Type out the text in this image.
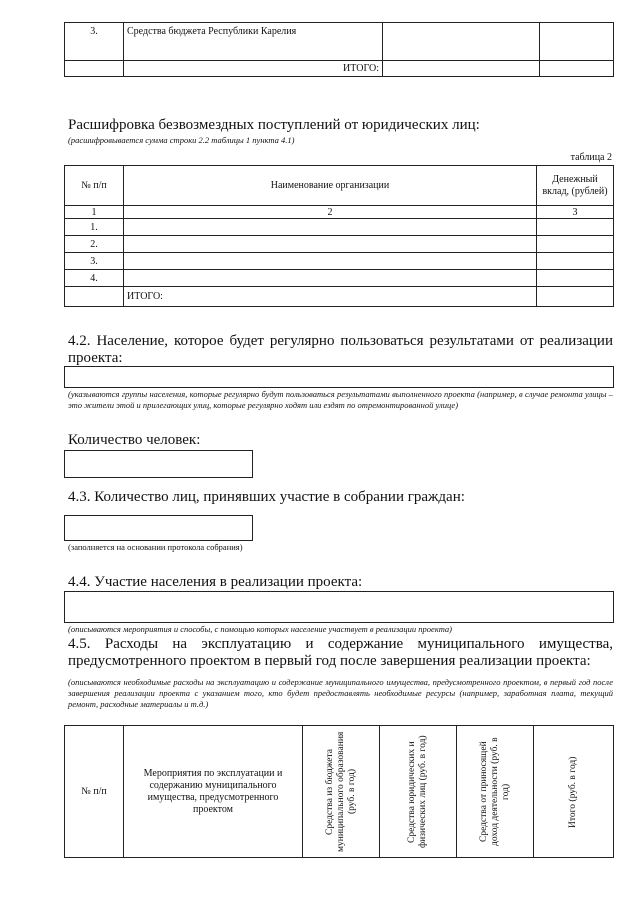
3.	Средства бюджета Республики Карелия		
	ИТОГО:		
Расшифровка безвозмездных поступлений от юридических лиц:
(расшифровывается сумма строки 2.2 таблицы 1 пункта 4.1)
таблица 2
№ п/п	Наименование организации	Денежный вклад, (рублей)
1	2	3
1.		
2.		
3.		
4.		
	ИТОГО:	
4.2. Население, которое будет регулярно пользоваться результатами от реализации проекта:
(указываются группы населения, которые регулярно будут пользоваться результатами выполненного проекта (например, в случае ремонта улицы – это жители этой и прилегающих улиц, которые регулярно ходят или ездят по отремонтированной улице)
Количество человек:
4.3. Количество лиц, принявших участие в собрании граждан:
(заполняется на основании протокола собрания)
4.4. Участие населения в реализации проекта:
(описываются мероприятия и способы, с помощью которых население участвует в реализации проекта)
4.5. Расходы на эксплуатацию и содержание муниципального имущества, предусмотренного проектом в первый год после завершения реализации проекта:
(описываются необходимые расходы на эксплуатацию и содержание муниципального имущества, предусмотренного проектом, в первый год после завершения реализации проекта с указанием того, кто будет предоставлять необходимые ресурсы (например, заработная плата, текущий ремонт, расходные материалы и т.д.)
№ п/п	Мероприятия по эксплуатации и содержанию муниципального имущества, предусмотренного проектом	Средства из бюджета муниципального образования (руб. в год)	Средства юридических и физических лиц (руб. в год)	Средства от приносящей доход деятельности (руб. в год)	Итого (руб. в год)
